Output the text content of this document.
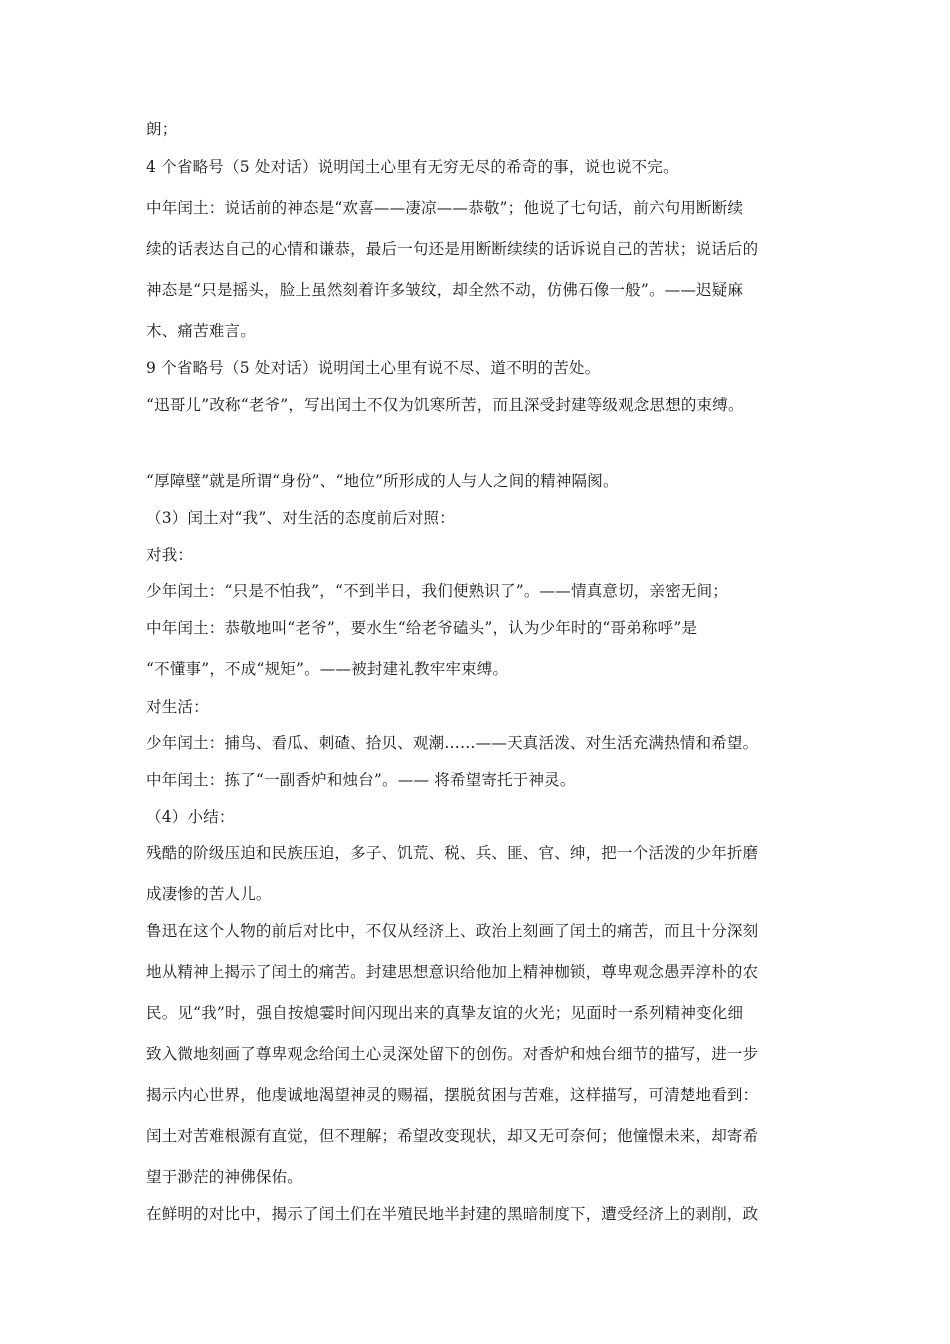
朗；

4 个省略号（5 处对话）说明闰土心里有无穷无尽的希奇的事，说也说不完。

中年闰土：说话前的神态是“欢喜——凄凉——恭敬”；他说了七句话，前六句用断断续

续的话表达自己的心情和谦恭，最后一句还是用断断续续的话诉说自己的苦状；说话后的

神态是“只是摇头，脸上虽然刻着许多皱纹，却全然不动，仿佛石像一般”。——迟疑麻

木、痛苦难言。

9 个省略号（5 处对话）说明闰土心里有说不尽、道不明的苦处。

“迅哥儿”改称“老爷”，写出闰土不仅为饥寒所苦，而且深受封建等级观念思想的束缚。

“厚障壁”就是所谓“身份”、“地位”所形成的人与人之间的精神隔阂。

（3）闰土对“我”、对生活的态度前后对照：

对我：

少年闰土：“只是不怕我”，“不到半日，我们便熟识了”。——情真意切，亲密无间；

中年闰土：恭敬地叫“老爷”，要水生“给老爷磕头”，认为少年时的“哥弟称呼”是

“不懂事”，不成“规矩”。——被封建礼教牢牢束缚。

对生活：

少年闰土：捕鸟、看瓜、刺碴、拾贝、观潮……——天真活泼、对生活充满热情和希望。

中年闰土：拣了“一副香炉和烛台”。—— 将希望寄托于神灵。

（4）小结：

残酷的阶级压迫和民族压迫，多子、饥荒、税、兵、匪、官、绅，把一个活泼的少年折磨

成凄惨的苦人儿。

鲁迅在这个人物的前后对比中，不仅从经济上、政治上刻画了闰土的痛苦，而且十分深刻

地从精神上揭示了闰土的痛苦。封建思想意识给他加上精神枷锁，尊卑观念愚弄淳朴的农

民。见“我”时，强自按熄霎时间闪现出来的真挚友谊的火光；见面时一系列精神变化细

致入微地刻画了尊卑观念给闰土心灵深处留下的创伤。对香炉和烛台细节的描写，进一步

揭示内心世界，他虔诚地渴望神灵的赐福，摆脱贫困与苦难，这样描写，可清楚地看到：

闰土对苦难根源有直觉，但不理解；希望改变现状，却又无可奈何；他憧憬未来，却寄希

望于渺茫的神佛保佑。

在鲜明的对比中，揭示了闰土们在半殖民地半封建的黑暗制度下，遭受经济上的剥削，政
